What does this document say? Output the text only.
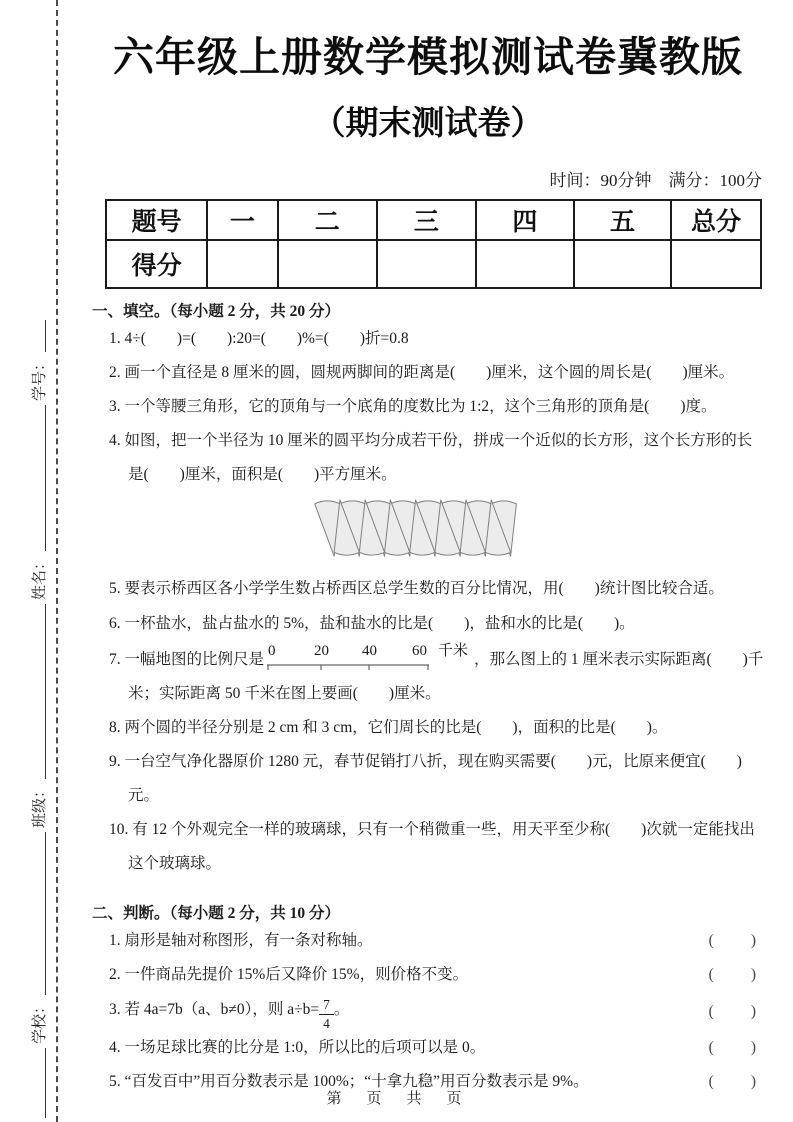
学校：
班级：
姓名：
学号：
六年级上册数学模拟测试卷冀教版
（期末测试卷）
时间：90分钟　满分：100分
题号	一	二	三	四	五	总分
得分						
一、填空。（每小题 2 分，共 20 分）
1. 4÷(　　)=(　　):20=(　　)%=(　　)折=0.8
2. 画一个直径是 8 厘米的圆，圆规两脚间的距离是(　　)厘米，这个圆的周长是(　　)厘米。
3. 一个等腰三角形，它的顶角与一个底角的度数比为 1:2，这个三角形的顶角是(　　)度。
4. 如图，把一个半径为 10 厘米的圆平均分成若干份，拼成一个近似的长方形，这个长方形的长是(　　)厘米，面积是(　　)平方厘米。
5. 要表示桥西区各小学学生数占桥西区总学生数的百分比情况，用(　　)统计图比较合适。
6. 一杯盐水，盐占盐水的 5%，盐和盐水的比是(　　)，盐和水的比是(　　)。
7. 一幅地图的比例尺是 0	20 40 60 千米 ，那么图上的 1 厘米表示实际距离(　　)千米；实际距离 50 千米在图上要画(　　)厘米。
8. 两个圆的半径分别是 2 cm 和 3 cm，它们周长的比是(　　)，面积的比是(　　)。
9. 一台空气净化器原价 1280 元，春节促销打八折，现在购买需要(　　)元，比原来便宜(　　)元。
10. 有 12 个外观完全一样的玻璃球，只有一个稍微重一些，用天平至少称(　　)次就一定能找出这个玻璃球。
二、判断。（每小题 2 分，共 10 分）
1. 扇形是轴对称图形，有一条对称轴。	(　　)
2. 一件商品先提价 15%后又降价 15%，则价格不变。	(　　)
3. 若 4a=7b（a、b≠0），则 $a\div b= \frac{7}{4}$ 。	(　　)
4. 一场足球比赛的比分是 1:0，所以比的后项可以是 0。	(　　)
5. “百发百中”用百分数表示是 100%；“十拿九稳”用百分数表示是 9%。	(　　)
第　页　共　页
